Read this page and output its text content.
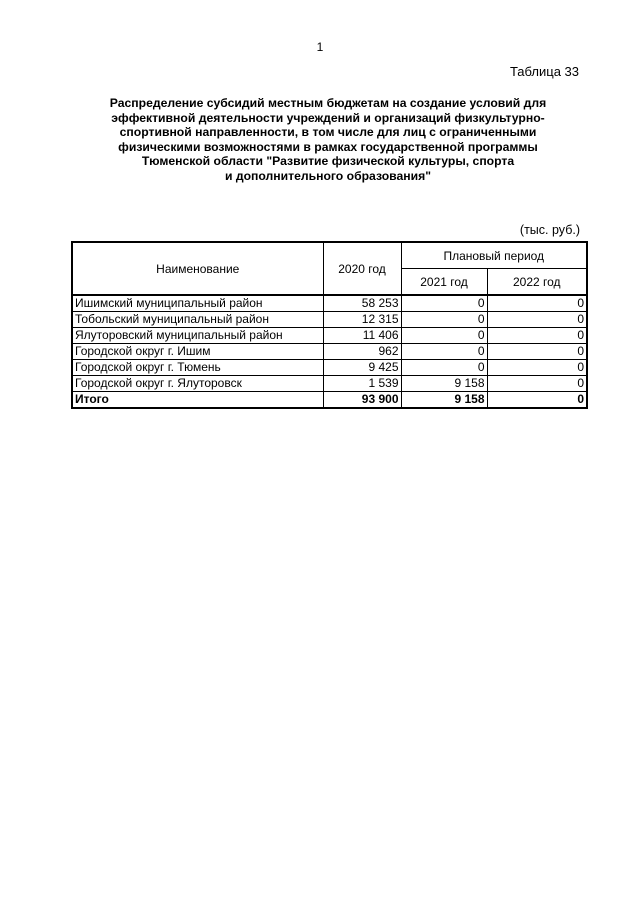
1
Таблица 33
Распределение субсидий местным бюджетам на создание условий для
эффективной деятельности учреждений и организаций физкультурно-
спортивной направленности, в том числе для лиц с ограниченными
физическими возможностями в рамках государственной программы
Тюменской области "Развитие физической культуры, спорта
и дополнительного образования"
(тыс. руб.)
Наименование	2020 год	Плановый период	
		2021 год	2022 год
Ишимский муниципальный район	58 253	0	0
Тобольский муниципальный район	12 315	0	0
Ялуторовский муниципальный район	11 406	0	0
Городской округ г. Ишим	962	0	0
Городской округ г. Тюмень	9 425	0	0
Городской округ г. Ялуторовск	1 539	9 158	0
Итого	93 900	9 158	0
